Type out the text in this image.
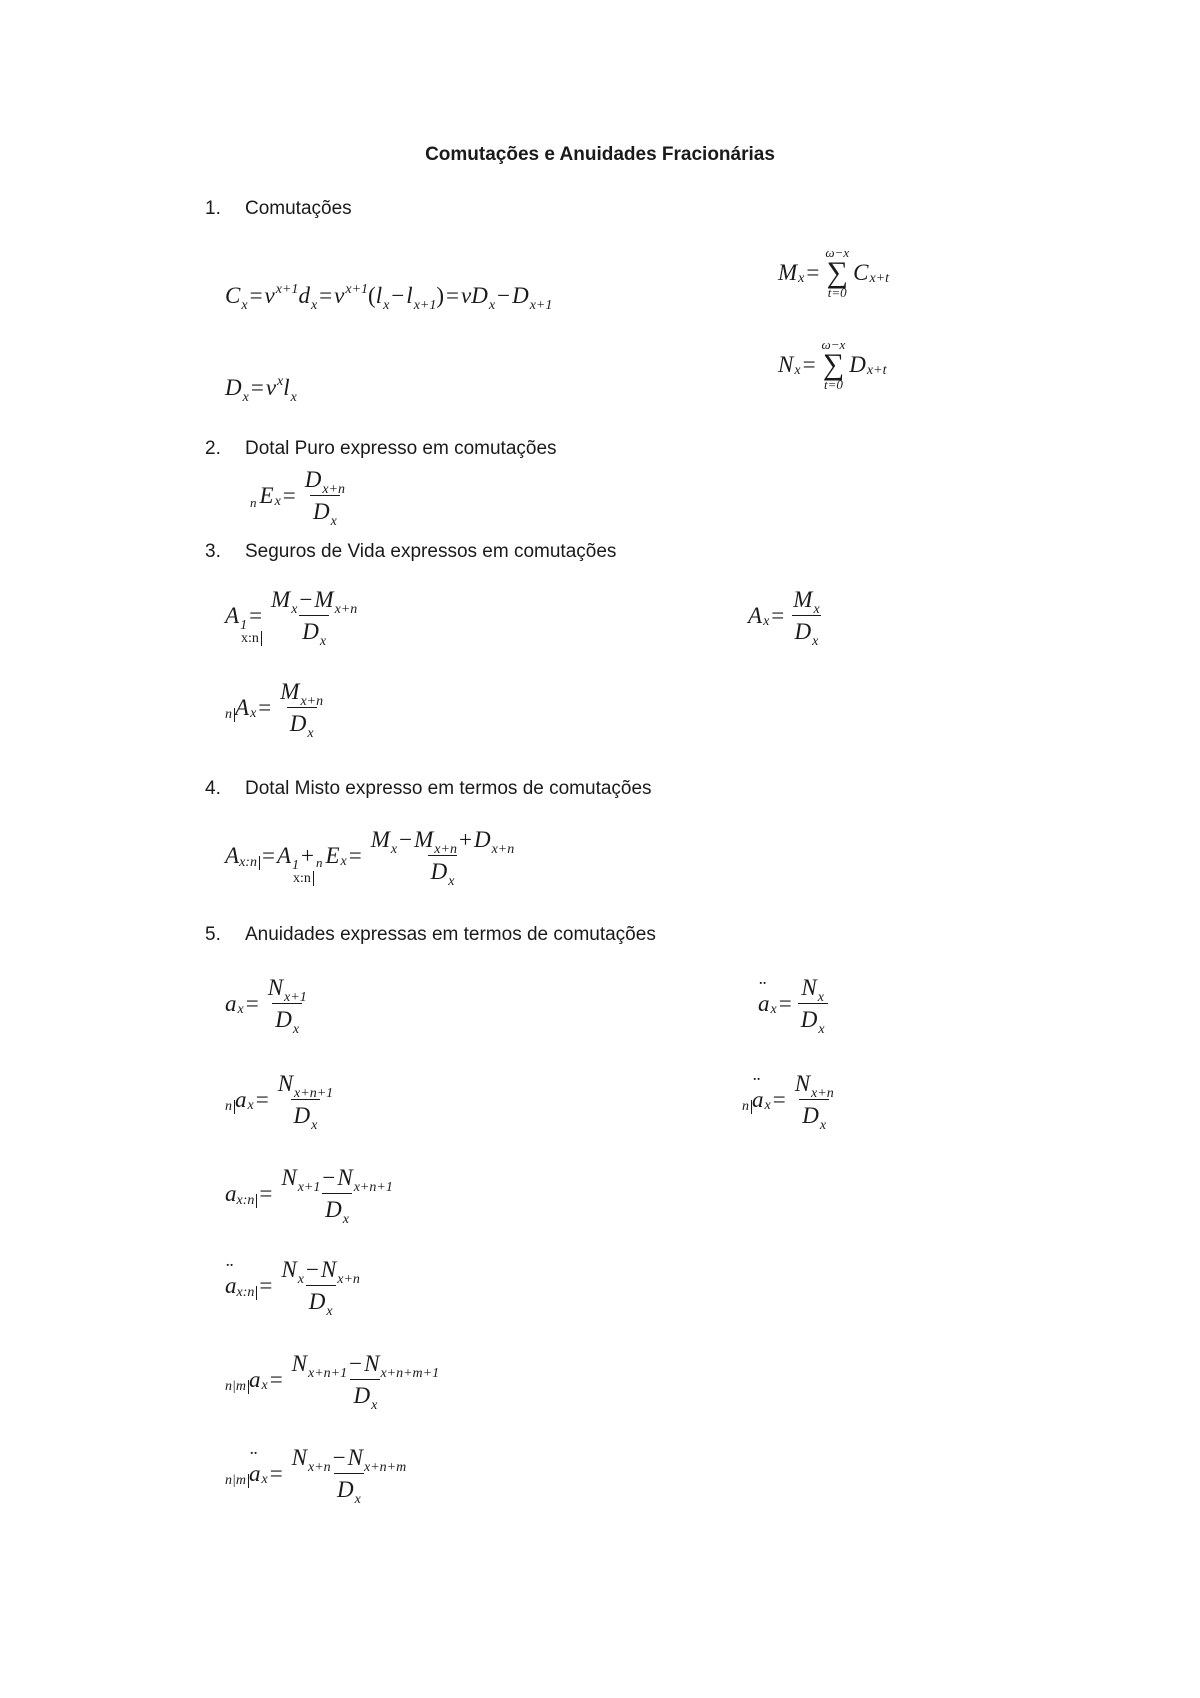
Comutações e Anuidades Fracionárias
1. Comutações
$C_x=v^{x+1}d_x=v^{x+1}(l_x-l_{x+1})=vD_x-D_{x+1}$
M x =
ω−x
∑
t=0
C x+t
$D_x=v^xl_x$
N x =
ω−x
∑
t=0
D x+t
2. Dotal Puro expresso em comutações
n E $x = \frac{D_{x+n}}{D_x}$
3. Seguros de Vida expressos em comutações
$A_1$
x:n
= $\frac{M_x-M_{x+n}}{D_x}$	A $x = \frac{M_x}{D_x}$
n A $x = \frac{M_{x+n}}{D_x}$
4. Dotal Misto expresso em termos de comutações
A x:n = $A_1$
x:n
+ n E $x = \frac{M_x-M_{x+n}+D_{x+n}}{D_x}$
5. Anuidades expressas em termos de comutações
a $x = \frac{N_{x+1}}{D_x}$	¨ a $x = \frac{N_x}{D_x}$
n a $x = \frac{N_{x+n+1}}{D_x}$	n ¨ a $x = \frac{N_{x+n}}{D_x}$
a x:n = $\frac{N_{x+1}-N_{x+n+1}}{D_x}$
¨ a x:n = $\frac{N_x-N_{x+n}}{D_x}$
n|m a $x = \frac{N_{x+n+1}-N_{x+n+m+1}}{D_x}$
n|m ¨ a $x = \frac{N_{x+n}-N_{x+n+m}}{D_x}$
